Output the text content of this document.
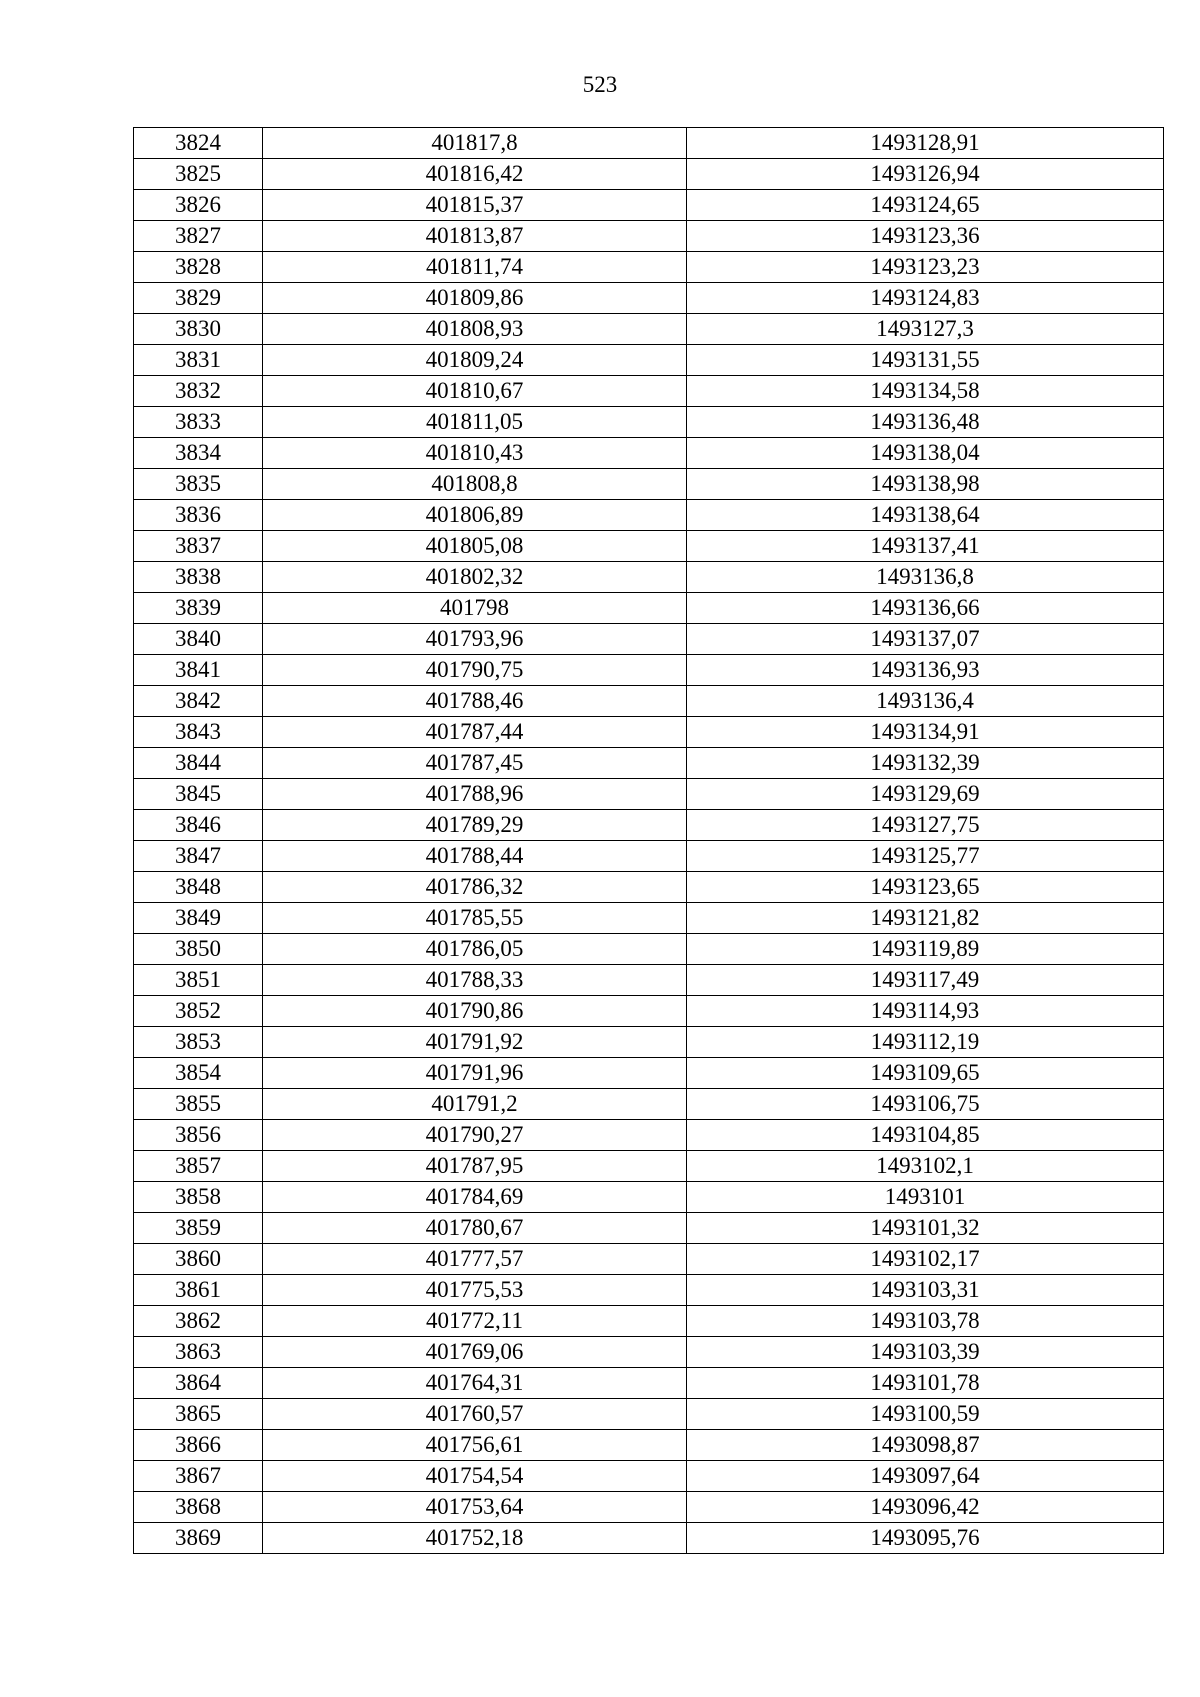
523
3824	401817,8	1493128,91
3825	401816,42	1493126,94
3826	401815,37	1493124,65
3827	401813,87	1493123,36
3828	401811,74	1493123,23
3829	401809,86	1493124,83
3830	401808,93	1493127,3
3831	401809,24	1493131,55
3832	401810,67	1493134,58
3833	401811,05	1493136,48
3834	401810,43	1493138,04
3835	401808,8	1493138,98
3836	401806,89	1493138,64
3837	401805,08	1493137,41
3838	401802,32	1493136,8
3839	401798	1493136,66
3840	401793,96	1493137,07
3841	401790,75	1493136,93
3842	401788,46	1493136,4
3843	401787,44	1493134,91
3844	401787,45	1493132,39
3845	401788,96	1493129,69
3846	401789,29	1493127,75
3847	401788,44	1493125,77
3848	401786,32	1493123,65
3849	401785,55	1493121,82
3850	401786,05	1493119,89
3851	401788,33	1493117,49
3852	401790,86	1493114,93
3853	401791,92	1493112,19
3854	401791,96	1493109,65
3855	401791,2	1493106,75
3856	401790,27	1493104,85
3857	401787,95	1493102,1
3858	401784,69	1493101
3859	401780,67	1493101,32
3860	401777,57	1493102,17
3861	401775,53	1493103,31
3862	401772,11	1493103,78
3863	401769,06	1493103,39
3864	401764,31	1493101,78
3865	401760,57	1493100,59
3866	401756,61	1493098,87
3867	401754,54	1493097,64
3868	401753,64	1493096,42
3869	401752,18	1493095,76
